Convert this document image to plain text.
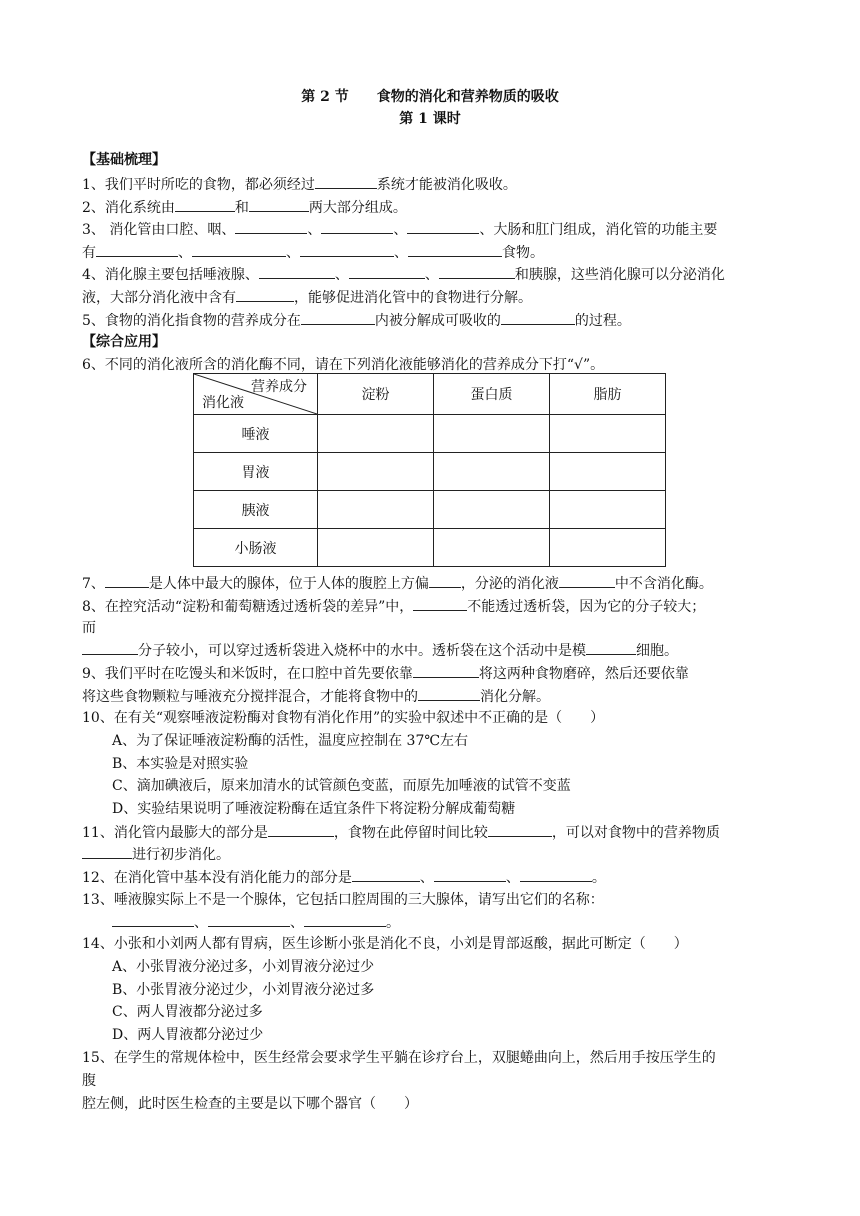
第 2 节　　食物的消化和营养物质的吸收
第 1 课时
【基础梳理】
1、我们平时所吃的食物，都必须经过	系统才能被消化吸收。
2、消化系统由	和	两大部分组成。
3、 消化管由口腔、咽、	、	、	、大肠和肛门组成，消化管的功能主要
有	、	、	、	食物。
4、消化腺主要包括唾液腺、	、	、	和胰腺，这些消化腺可以分泌消化
液，大部分消化液中含有	，能够促进消化管中的食物进行分解。
5、食物的消化指食物的营养成分在	内被分解成可吸收的	的过程。
【综合应用】
6、不同的消化液所含的消化酶不同，请在下列消化液能够消化的营养成分下打“√”。
营养成分
消化液	淀粉	蛋白质	脂肪
唾液			
胃液			
胰液			
小肠液			
7、	是人体中最大的腺体，位于人体的腹腔上方偏 ，分泌的消化液	中不含消化酶。
8、在控究活动“淀粉和葡萄糖透过透析袋的差异”中，	不能透过透析袋，因为它的分子较大；
而
分子较小，可以穿过透析袋进入烧杯中的水中。透析袋在这个活动中是模	细胞。
9、我们平时在吃馒头和米饭时，在口腔中首先要依靠	将这两种食物磨碎，然后还要依靠
将这些食物颗粒与唾液充分搅拌混合，才能将食物中的	消化分解。
10、在有关“观察唾液淀粉酶对食物有消化作用”的实验中叙述中不正确的是（　　）
A、为了保证唾液淀粉酶的活性，温度应控制在 37℃左右
B、本实验是对照实验
C、滴加碘液后，原来加清水的试管颜色变蓝，而原先加唾液的试管不变蓝
D、实验结果说明了唾液淀粉酶在适宜条件下将淀粉分解成葡萄糖
11、消化管内最膨大的部分是	，食物在此停留时间比较	，可以对食物中的营养物质
进行初步消化。
12、在消化管中基本没有消化能力的部分是	、	、	。
13、唾液腺实际上不是一个腺体，它包括口腔周围的三大腺体，请写出它们的名称：
、	、	。
14、小张和小刘两人都有胃病，医生诊断小张是消化不良，小刘是胃部返酸，据此可断定（　　）
A、小张胃液分泌过多，小刘胃液分泌过少
B、小张胃液分泌过少，小刘胃液分泌过多
C、两人胃液都分泌过多
D、两人胃液都分泌过少
15、在学生的常规体检中，医生经常会要求学生平躺在诊疗台上，双腿蜷曲向上，然后用手按压学生的
腹
腔左侧，此时医生检查的主要是以下哪个器官（　　）
